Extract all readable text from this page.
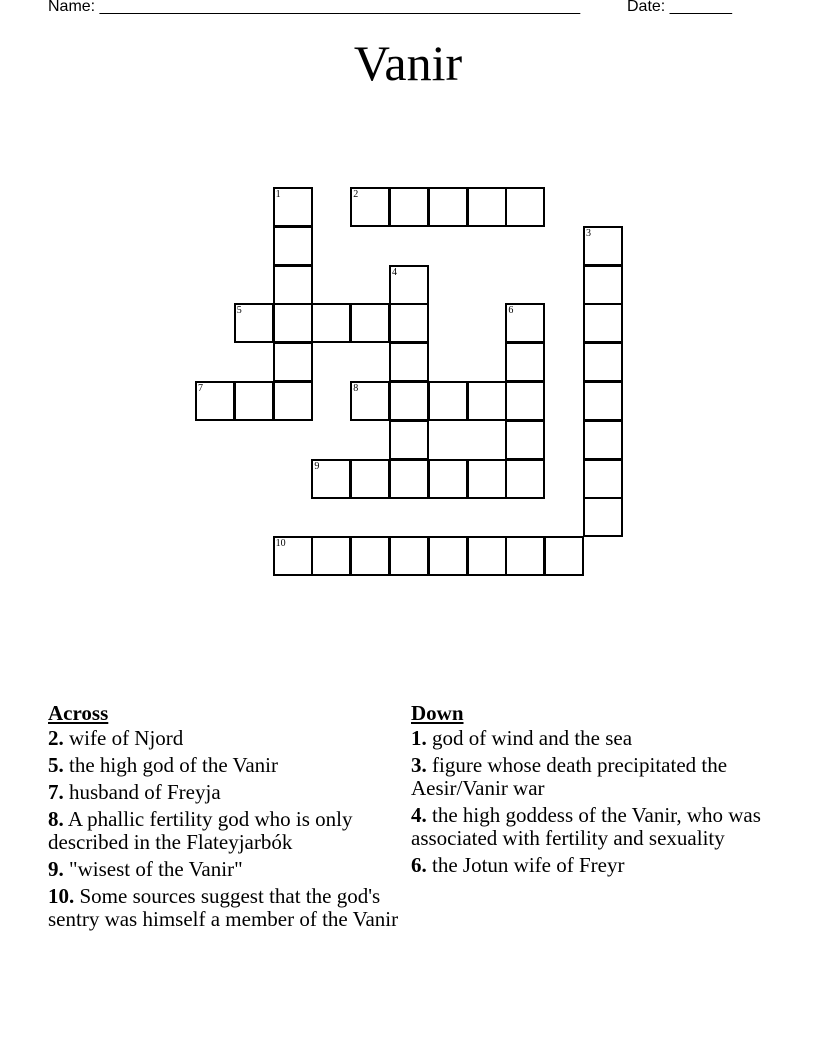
Name: ______________________________________________________	Date: _______
Vanir
1	2
3
4
5	6
7	8
9
10
Across
2. wife of Njord
5. the high god of the Vanir
7. husband of Freyja
8. A phallic fertility god who is only described in the Flateyjarbók
9. "wisest of the Vanir"
10. Some sources suggest that the god's sentry was himself a member of the Vanir
Down
1. god of wind and the sea
3. figure whose death precipitated the Aesir/Vanir war
4. the high goddess of the Vanir, who was associated with fertility and sexuality
6. the Jotun wife of Freyr
